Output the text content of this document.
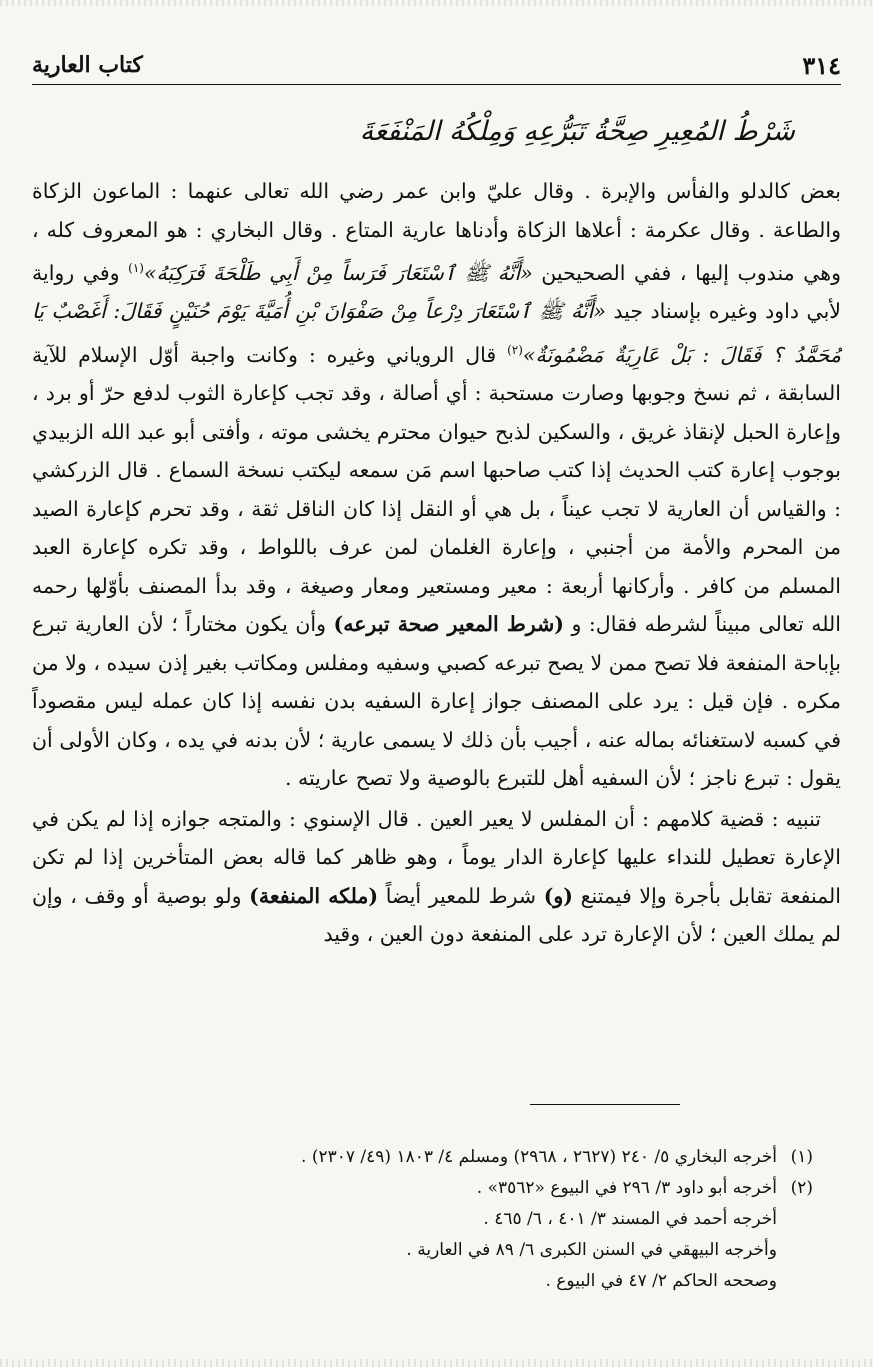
٣١٤
كتاب العارية
شَرْطُ المُعِيرِ صِحَّةُ تَبَرُّعِهِ وَمِلْكُهُ المَنْفَعَةَ

بعض كالدلو والفأس والإبرة . وقال عليّ وابن عمر رضي الله تعالى عنهما : الماعون الزكاة والطاعة . وقال عكرمة : أعلاها الزكاة وأدناها عارية المتاع . وقال البخاري : هو المعروف كله ، وهي مندوب إليها ، ففي الصحيحين «أَنَّهُ ﷺ ٱسْتَعَارَ فَرَساً مِنْ أَبِي طَلْحَةَ فَرَكِبَهُ»$^{(١)}$ وفي رواية لأبي داود وغيره بإسناد جيد «أَنَّهُ ﷺ ٱسْتَعَارَ دِرْعاً مِنْ صَفْوَانَ بْنِ أُمَيَّةَ يَوْمَ حُنَيْنٍ فَقَالَ: أَغَصْبٌ يَا مُحَمَّدُ ؟ فَقَالَ : بَلْ عَارِيَةٌ مَضْمُونَةٌ»$^{(٢)}$ قال الروياني وغيره : وكانت واجبة أوّل الإسلام للآية السابقة ، ثم نسخ وجوبها وصارت مستحبة : أي أصالة ، وقد تجب كإعارة الثوب لدفع حرّ أو برد ، وإعارة الحبل لإنقاذ غريق ، والسكين لذبح حيوان محترم يخشى موته ، وأفتى أبو عبد الله الزبيدي بوجوب إعارة كتب الحديث إذا كتب صاحبها اسم مَن سمعه ليكتب نسخة السماع . قال الزركشي : والقياس أن العارية لا تجب عيناً ، بل هي أو النقل إذا كان الناقل ثقة ، وقد تحرم كإعارة الصيد من المحرم والأمة من أجنبي ، وإعارة الغلمان لمن عرف باللواط ، وقد تكره كإعارة العبد المسلم من كافر . وأركانها أربعة : معير ومستعير ومعار وصيغة ، وقد بدأ المصنف بأوّلها رحمه الله تعالى مبيناً لشرطه فقال: و (شرط المعير صحة تبرعه) وأن يكون مختاراً ؛ لأن العارية تبرع بإباحة المنفعة فلا تصح ممن لا يصح تبرعه كصبي وسفيه ومفلس ومكاتب بغير إذن سيده ، ولا من مكره . فإن قيل : يرد على المصنف جواز إعارة السفيه بدن نفسه إذا كان عمله ليس مقصوداً في كسبه لاستغنائه بماله عنه ، أجيب بأن ذلك لا يسمى عارية ؛ لأن بدنه في يده ، وكان الأولى أن يقول : تبرع ناجز ؛ لأن السفيه أهل للتبرع بالوصية ولا تصح عاريته .

تنبيه : قضية كلامهم : أن المفلس لا يعير العين . قال الإسنوي : والمتجه جوازه إذا لم يكن في الإعارة تعطيل للنداء عليها كإعارة الدار يوماً ، وهو ظاهر كما قاله بعض المتأخرين إذا لم تكن المنفعة تقابل بأجرة وإلا فيمتنع (و) شرط للمعير أيضاً (ملكه المنفعة) ولو بوصية أو وقف ، وإن لم يملك العين ؛ لأن الإعارة ترد على المنفعة دون العين ، وقيد

(١)
أخرجه البخاري ٥/ ٢٤٠ (٢٦٢٧ ، ٢٩٦٨) ومسلم ٤/ ١٨٠٣ (٤٩/ ٢٣٠٧) .
(٢)
أخرجه أبو داود ٣/ ٢٩٦ في البيوع «٣٥٦٢» .
أخرجه أحمد في المسند ٣/ ٤٠١ ، ٦/ ٤٦٥ .
وأخرجه البيهقي في السنن الكبرى ٦/ ٨٩ في العارية .
وصححه الحاكم ٢/ ٤٧ في البيوع .
